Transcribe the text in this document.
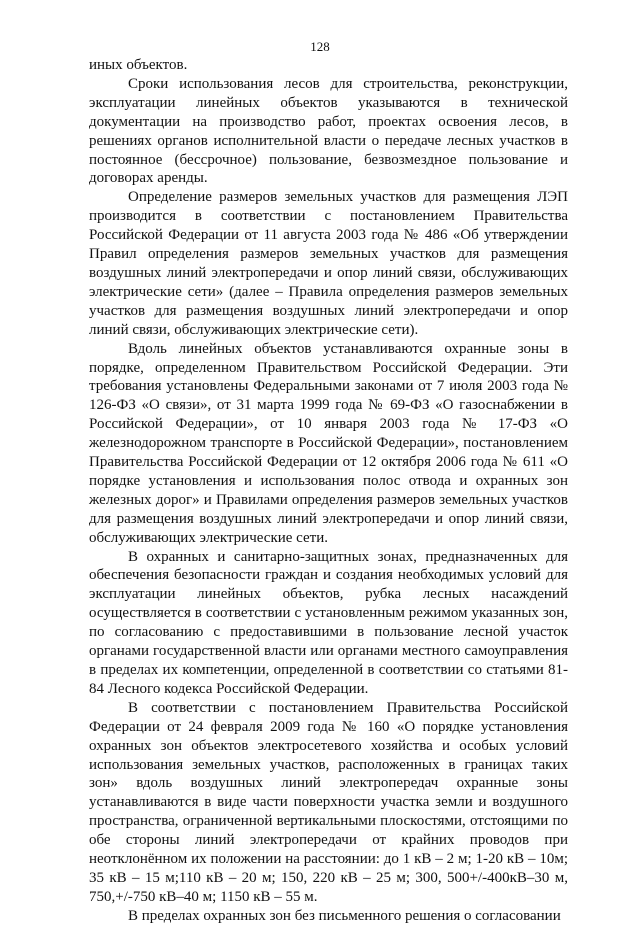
128

иных объектов.

Сроки использования лесов для строительства, реконструкции, эксплуатации линейных объектов указываются в технической документации на производство работ, проектах освоения лесов, в решениях органов исполнительной власти о передаче лесных участков в постоянное (бессрочное) пользование, безвозмездное пользование и договорах аренды.

Определение размеров земельных участков для размещения ЛЭП производится в соответствии с постановлением Правительства Российской Федерации от 11 августа 2003 года № 486 «Об утверждении Правил определения размеров земельных участков для размещения воздушных линий электропередачи и опор линий связи, обслуживающих электрические сети» (далее – Правила определения размеров земельных участков для размещения воздушных линий электропередачи и опор линий связи, обслуживающих электрические сети).

Вдоль линейных объектов устанавливаются охранные зоны в порядке, определенном Правительством Российской Федерации. Эти требования установлены Федеральными законами от 7 июля 2003 года № 126-ФЗ «О связи», от 31 марта 1999 года № 69-ФЗ «О газоснабжении в Российской Федерации», от 10 января 2003 года № 17-ФЗ «О железнодорожном транспорте в Российской Федерации», постановлением Правительства Российской Федерации от 12 октября 2006 года № 611 «О порядке установления и использования полос отвода и охранных зон железных дорог» и Правилами определения размеров земельных участков для размещения воздушных линий электропередачи и опор линий связи, обслуживающих электрические сети.

В охранных и санитарно-защитных зонах, предназначенных для обеспечения безопасности граждан и создания необходимых условий для эксплуатации линейных объектов, рубка лесных насаждений осуществляется в соответствии с установленным режимом указанных зон, по согласованию с предоставившими в пользование лесной участок органами государственной власти или органами местного самоуправления в пределах их компетенции, определенной в соответствии со статьями 81-84 Лесного кодекса Российской Федерации.

В соответствии с постановлением Правительства Российской Федерации от 24 февраля 2009 года № 160 «О порядке установления охранных зон объектов электросетевого хозяйства и особых условий использования земельных участков, расположенных в границах таких зон» вдоль воздушных линий электропередач охранные зоны устанавливаются в виде части поверхности участка земли и воздушного пространства, ограниченной вертикальными плоскостями, отстоящими по обе стороны линий электропередачи от крайних проводов при неотклонённом их положении на расстоянии: до 1 кВ – 2 м; 1-20 кВ – 10м; 35 кВ – 15 м;110 кВ – 20 м; 150, 220 кВ – 25 м; 300, 500+/-400кВ–30 м, 750,+/-750 кВ–40 м; 1150 кВ – 55 м.

В пределах охранных зон без письменного решения о согласовании
